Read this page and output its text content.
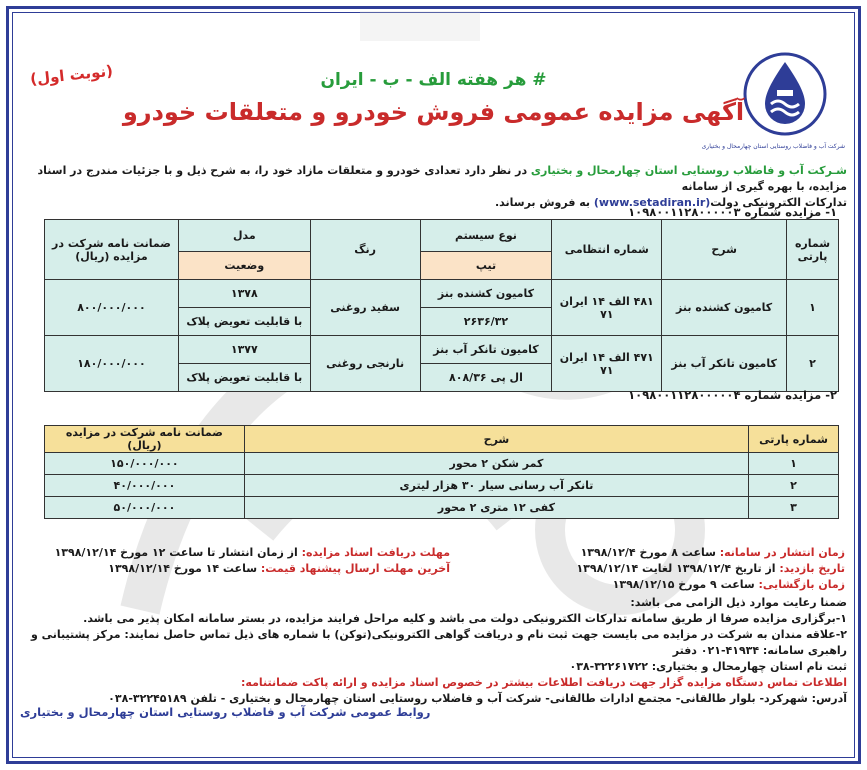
شرکت آب و فاضلاب روستایی استان چهارمحال و بختیاری
(نوبت اول)	# هر هفته الف - ب - ایران
آگهی مزایده عمومی فروش خودرو و متعلقات خودرو
شـرکت آب و فاضلاب روستایی استان چهارمحال و بختیاری در نظر دارد تعدادی خودرو و متعلقات مازاد خود را، به شرح ذیل و با جزئیات مندرج در اسناد مزایده، با بهره گیری از سامانه
تدارکات الکترونیکی دولت(www.setadiran.ir) به فروش برساند.
۱- مزایده شماره ۱۰۹۸۰۰۱۱۲۸۰۰۰۰۰۳
شماره پارتی	شرح	شماره انتظامی	نوع سیستم	رنگ	مدل	ضمانت نامه شرکت در مزایده (ریال)
			تیپ		وضعیت	
۱	کامیون کشنده بنز	۴۸۱ الف ۱۴ ایران ۷۱	کامیون کشنده بنز	سفید روغنی	۱۳۷۸	۸۰۰/۰۰۰/۰۰۰
			۲۶۳۶/۳۲		با قابلیت تعویض پلاک	
۲	کامیون تانکر آب بنز	۴۷۱ الف ۱۴ ایران ۷۱	کامیون تانکر آب بنز	نارنجی روغنی	۱۳۷۷	۱۸۰/۰۰۰/۰۰۰
			ال پی ۸۰۸/۳۶		با قابلیت تعویض پلاک	
۲- مزایده شماره ۱۰۹۸۰۰۱۱۲۸۰۰۰۰۰۴
شماره پارتی	شرح	ضمانت نامه شرکت در مزایده (ریال)
۱	کمر شکن ۲ محور	۱۵۰/۰۰۰/۰۰۰
۲	تانکر آب رسانی سیار ۳۰ هزار لیتری	۴۰/۰۰۰/۰۰۰
۳	کفی ۱۲ متری ۲ محور	۵۰/۰۰۰/۰۰۰
زمان انتشار در سامانه: ساعت ۸ مورخ ۱۳۹۸/۱۲/۴
تاریخ بازدید: از تاریخ ۱۳۹۸/۱۲/۴ لغایت ۱۳۹۸/۱۲/۱۴
زمان بازگشایی: ساعت ۹ مورخ ۱۳۹۸/۱۲/۱۵
مهلت دریافت اسناد مزایده: از زمان انتشار تا ساعت ۱۲ مورخ ۱۳۹۸/۱۲/۱۴
آخرین مهلت ارسال پیشنهاد قیمت: ساعت ۱۴ مورخ ۱۳۹۸/۱۲/۱۴
ضمنا رعایت موارد ذیل الزامی می باشد:
۱-برگزاری مزایده صرفا از طریق سامانه تدارکات الکترونیکی دولت می باشد و کلیه مراحل فرایند مزایده، در بستر سامانه امکان پذیر می باشد.
۲-علاقه مندان به شرکت در مزایده می بایست جهت ثبت نام و دریافت گواهی الکترونیکی(توکن) با شماره های ذیل تماس حاصل نمایند: مرکز پشتیبانی و راهبری سامانه: ۴۱۹۳۴-۰۲۱ دفتر
ثبت نام استان چهارمحال و بختیاری: ۳۲۲۶۱۷۲۲-۰۳۸
اطلاعات تماس دستگاه مزایده گزار جهت دریافت اطلاعات بیشتر در خصوص اسناد مزایده و ارائه پاکت ضمانتنامه:
آدرس: شهرکرد- بلوار طالقانی- مجتمع ادارات طالقانی- شرکت آب و فاضلاب روستایی استان چهارمحال و بختیاری - تلفن ۳۲۲۴۵۱۸۹-۰۳۸
روابط عمومی شرکت آب و فاضلاب روستایی استان چهارمحال و بختیاری
